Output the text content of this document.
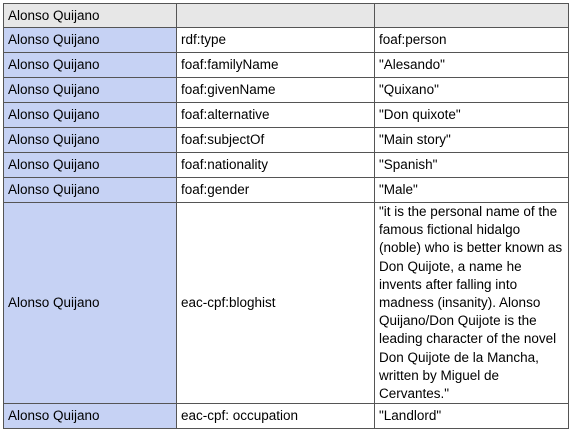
Alonso Quijano		
Alonso Quijano	rdf:type	foaf:person
Alonso Quijano	foaf:familyName	"Alesando"
Alonso Quijano	foaf:givenName	"Quixano"
Alonso Quijano	foaf:alternative	"Don quixote"
Alonso Quijano	foaf:subjectOf	"Main story"
Alonso Quijano	foaf:nationality	"Spanish"
Alonso Quijano	foaf:gender	"Male"
Alonso Quijano	eac-cpf:bloghist	"it is the personal name of the famous fictional hidalgo (noble) who is better known as Don Quijote, a name he invents after falling into madness (insanity). Alonso Quijano/Don Quijote is the leading character of the novel Don Quijote de la Mancha, written by Miguel de Cervantes."
Alonso Quijano	eac-cpf: occupation	"Landlord"
